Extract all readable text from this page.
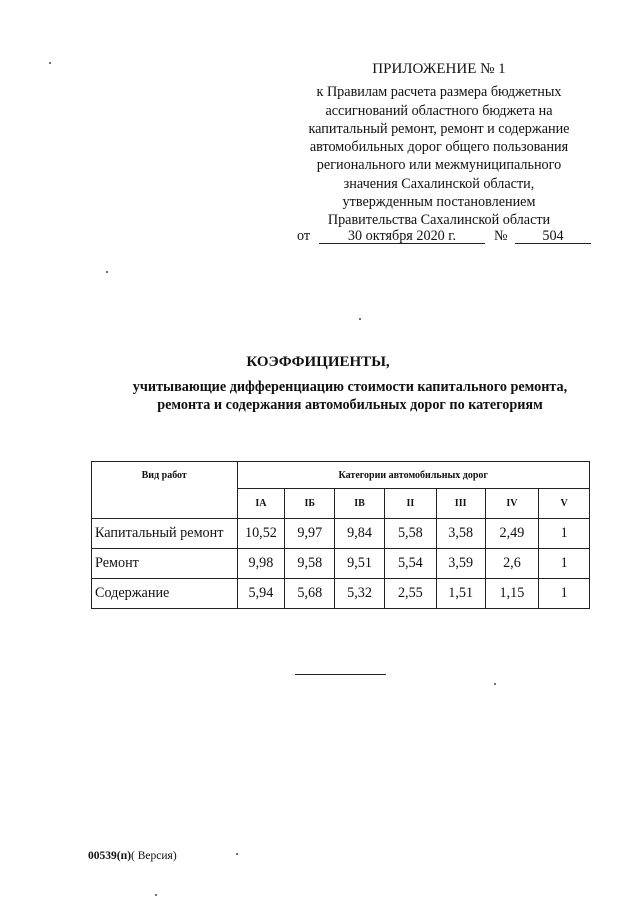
ПРИЛОЖЕНИЕ № 1
к Правилам расчета размера бюджетных
ассигнований областного бюджета на
капитальный ремонт, ремонт и содержание
автомобильных дорог общего пользования
регионального или межмуниципального
значения Сахалинской области,
утвержденным постановлением
Правительства Сахалинской области
от	30 октября 2020 г.	№	504
КОЭФФИЦИЕНТЫ,
учитывающие дифференциацию стоимости капитального ремонта,
ремонта и содержания автомобильных дорог по категориям
Вид работ	Категории автомобильных дорог						
	IА	IБ	IВ	II	III	IV	V
Капитальный ремонт	10,52	9,97	9,84	5,58	3,58	2,49	1
Ремонт	9,98	9,58	9,51	5,54	3,59	2,6	1
Содержание	5,94	5,68	5,32	2,55	1,51	1,15	1
00539(п)( Версия)
